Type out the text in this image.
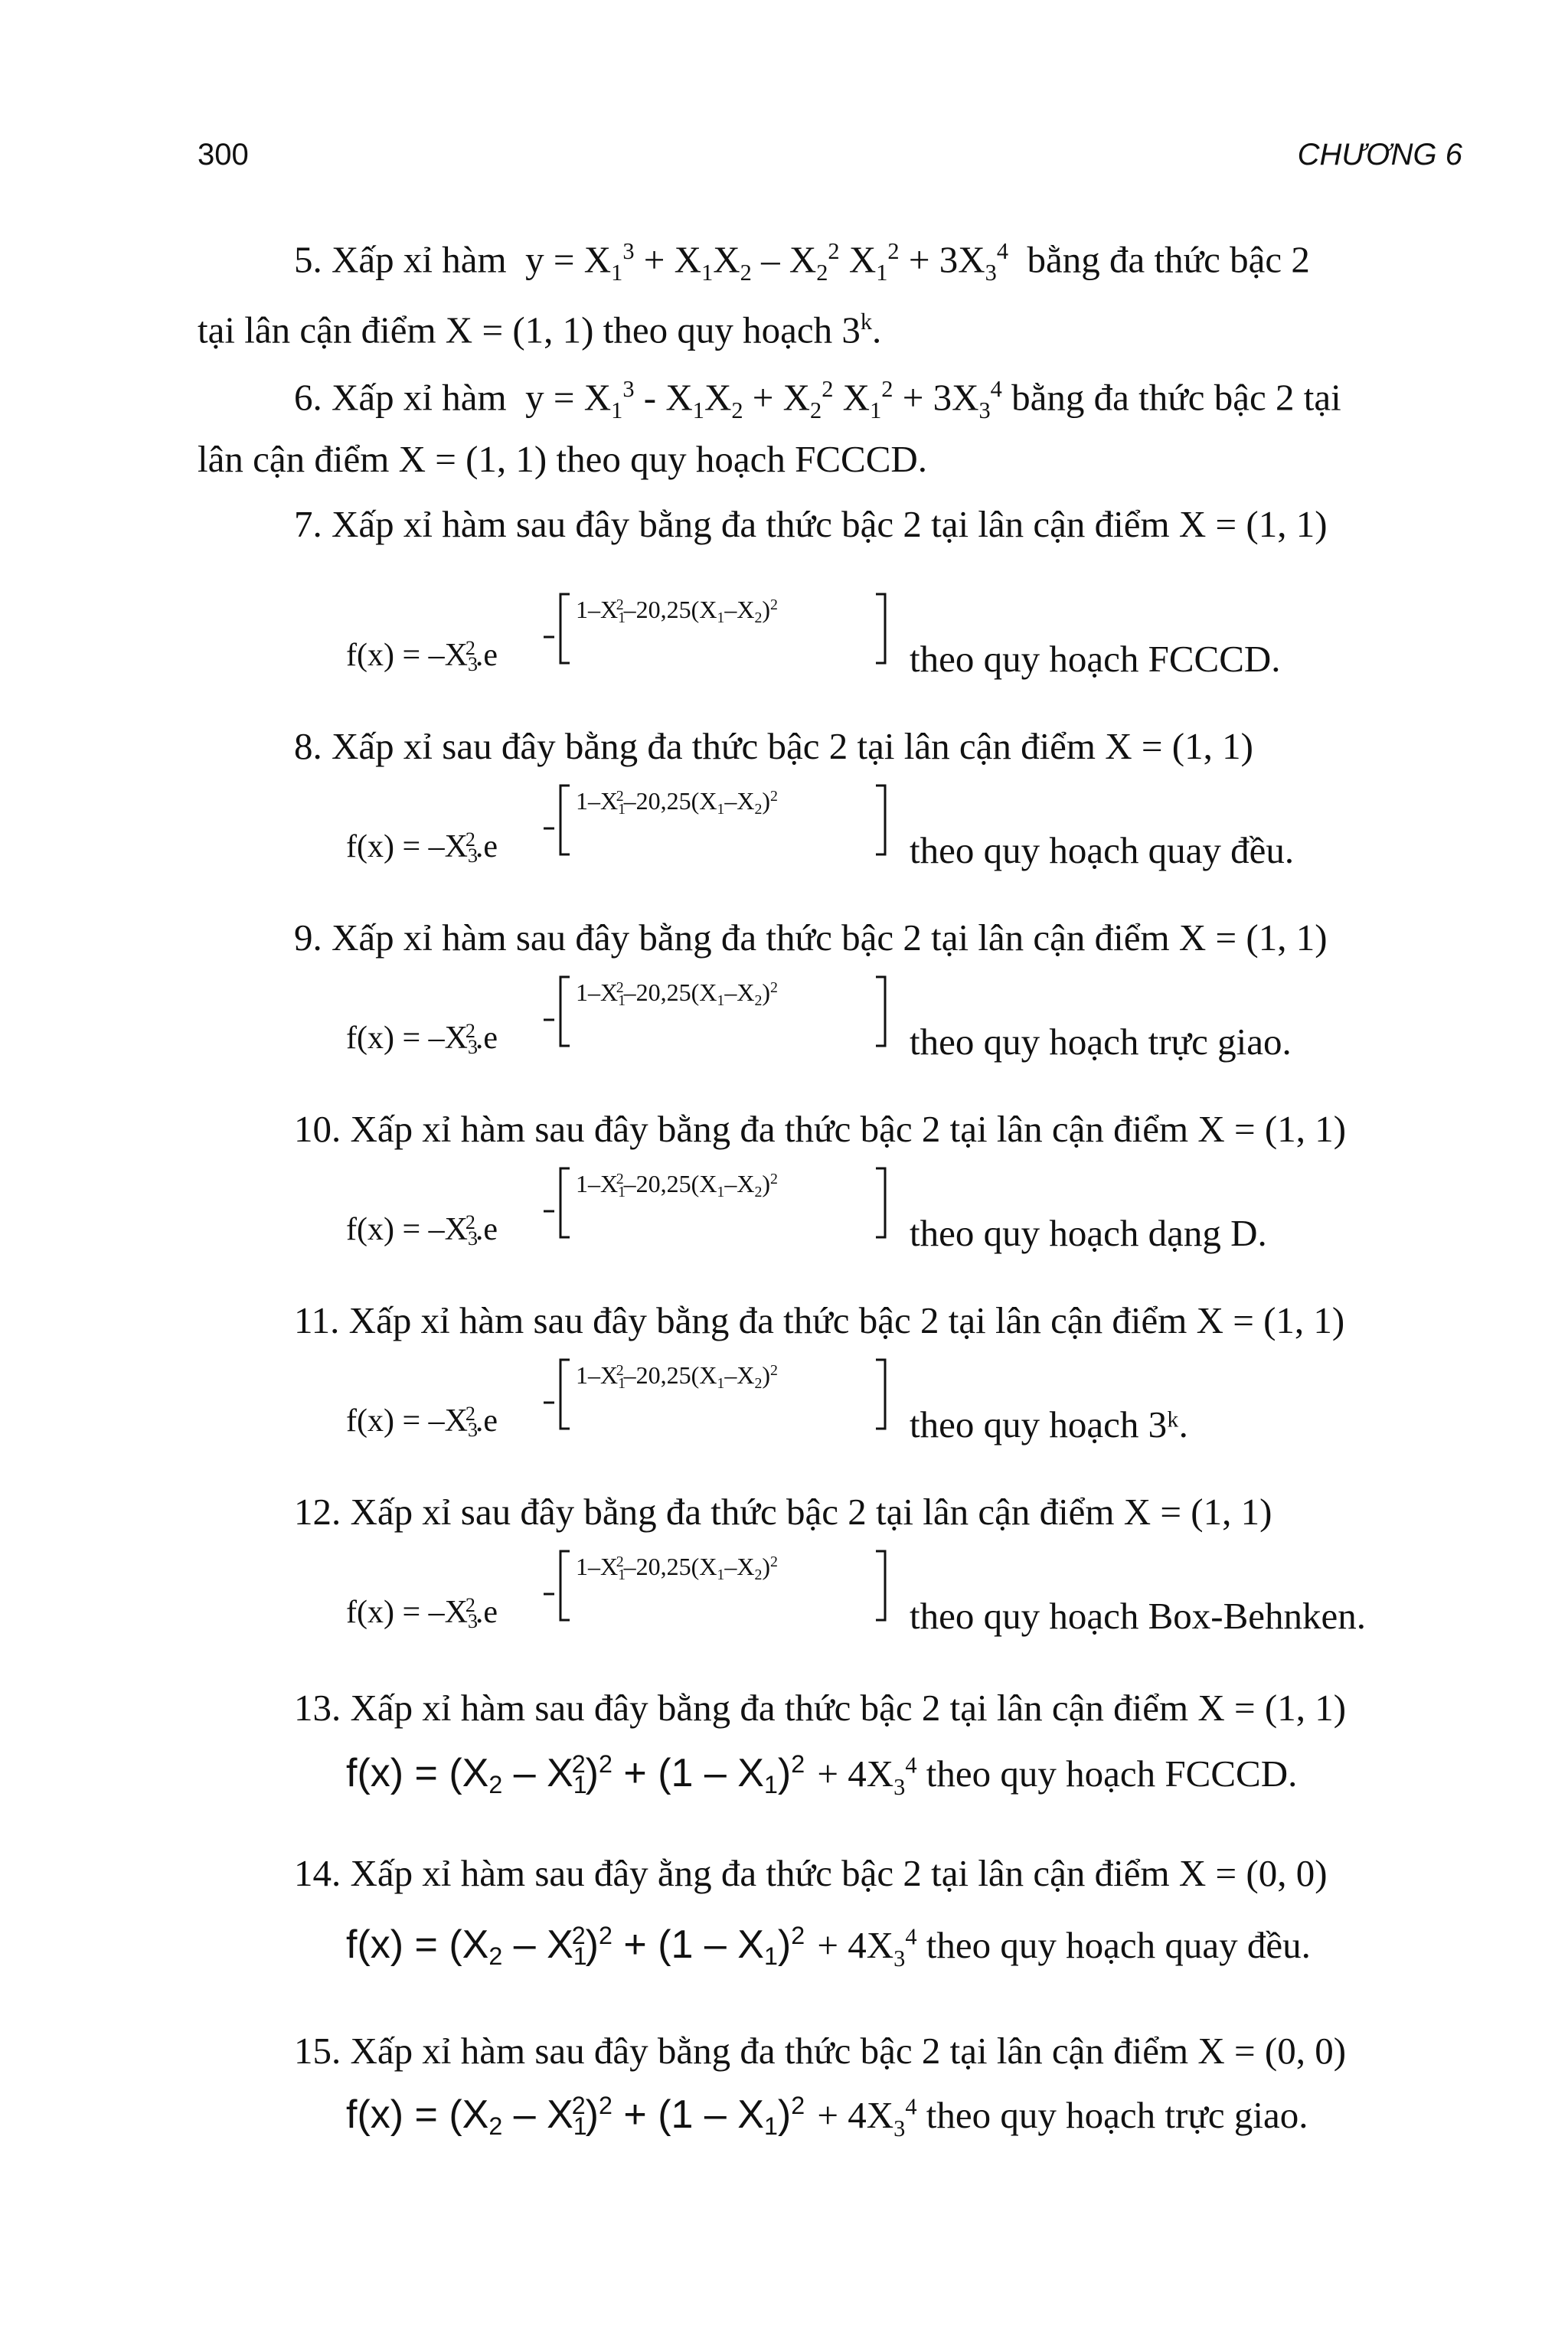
300	CHƯƠNG 6
5. Xấp xỉ hàm  $y = X_1^3 + X_1X_2 - X_2^2$ $X_1^2 + 3X_3^4$ bằng đa thức bậc 2
tại lân cận điểm X = (1, 1) theo quy hoạch 3$^k$.
6. Xấp xỉ hàm  $y = X_1^3 - X_1X_2 + X_2^2$ $X_1^2 + 3X_3^4$ bằng đa thức bậc 2 tại
lân cận điểm X = (1, 1) theo quy hoạch FCCCD.
7. Xấp xỉ hàm sau đây bằng đa thức bậc 2 tại lân cận điểm X = (1, 1)
$f(x) = -X3^2.e$
$1-X1^2-20,25(X1-X2)^2$
theo quy hoạch FCCCD.
8. Xấp xỉ sau đây bằng đa thức bậc 2 tại lân cận điểm X = (1, 1)
$f(x) = -X3^2.e$
$1-X1^2-20,25(X1-X2)^2$
theo quy hoạch quay đều.
9. Xấp xỉ hàm sau đây bằng đa thức bậc 2 tại lân cận điểm X = (1, 1)
$f(x) = -X3^2.e$
$1-X1^2-20,25(X1-X2)^2$
theo quy hoạch trực giao.
10. Xấp xỉ hàm sau đây bằng đa thức bậc 2 tại lân cận điểm X = (1, 1)
$f(x) = -X3^2.e$
$1-X1^2-20,25(X1-X2)^2$
theo quy hoạch dạng D.
11. Xấp xỉ hàm sau đây bằng đa thức bậc 2 tại lân cận điểm X = (1, 1)
$f(x) = -X3^2.e$
$1-X1^2-20,25(X1-X2)^2$
theo quy hoạch 3ᵏ.
12. Xấp xỉ sau đây bằng đa thức bậc 2 tại lân cận điểm X = (1, 1)
$f(x) = -X3^2.e$
$1-X1^2-20,25(X1-X2)^2$
theo quy hoạch Box-Behnken.
13. Xấp xỉ hàm sau đây bằng đa thức bậc 2 tại lân cận điểm X = (1, 1)
$f(x) = (X2 - X1^2)^2 + (1 - X1)^2 + 4X_3^4$ theo quy hoạch FCCCD.
14. Xấp xỉ hàm sau đây ằng đa thức bậc 2 tại lân cận điểm X = (0, 0)
$f(x) = (X2 - X1^2)^2 + (1 - X1)^2 + 4X_3^4$ theo quy hoạch quay đều.
15. Xấp xỉ hàm sau đây bằng đa thức bậc 2 tại lân cận điểm X = (0, 0)
$f(x) = (X2 - X1^2)^2 + (1 - X1)^2 + 4X_3^4$ theo quy hoạch trực giao.
